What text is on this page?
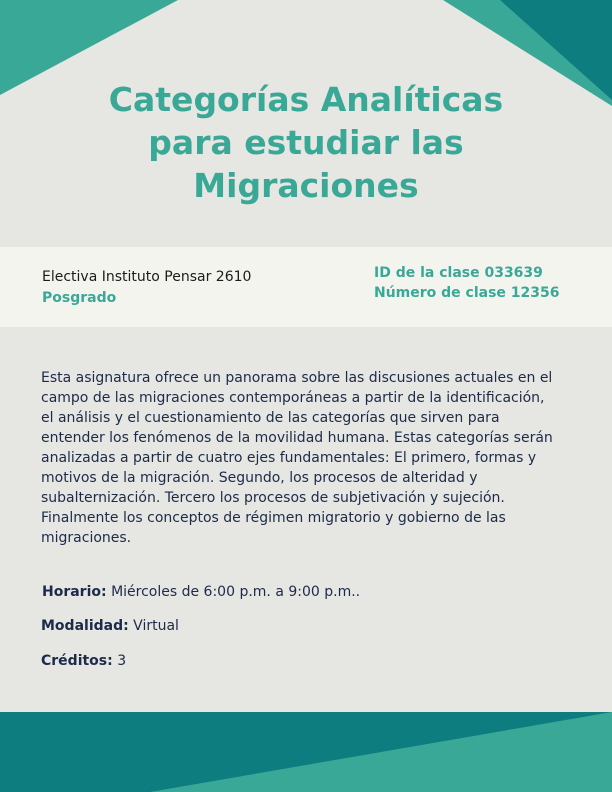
Categorías Analíticas
para estudiar las
Migraciones
Electiva Instituto Pensar 2610
Posgrado
ID de la clase 033639
Número de clase 12356

Esta asignatura ofrece un panorama sobre las discusiones actuales en el campo de las migraciones contemporáneas a partir de la identificación, el análisis y el cuestionamiento de las categorías que sirven para entender los fenómenos de la movilidad humana. Estas categorías serán analizadas a partir de cuatro ejes fundamentales: El primero, formas y motivos de la migración. Segundo, los procesos de alteridad y subalternización. Tercero los procesos de subjetivación y sujeción. Finalmente los conceptos de régimen migratorio y gobierno de las migraciones.

Horario: Miércoles de 6:00 p.m. a 9:00 p.m..
Modalidad: Virtual
Créditos: 3
